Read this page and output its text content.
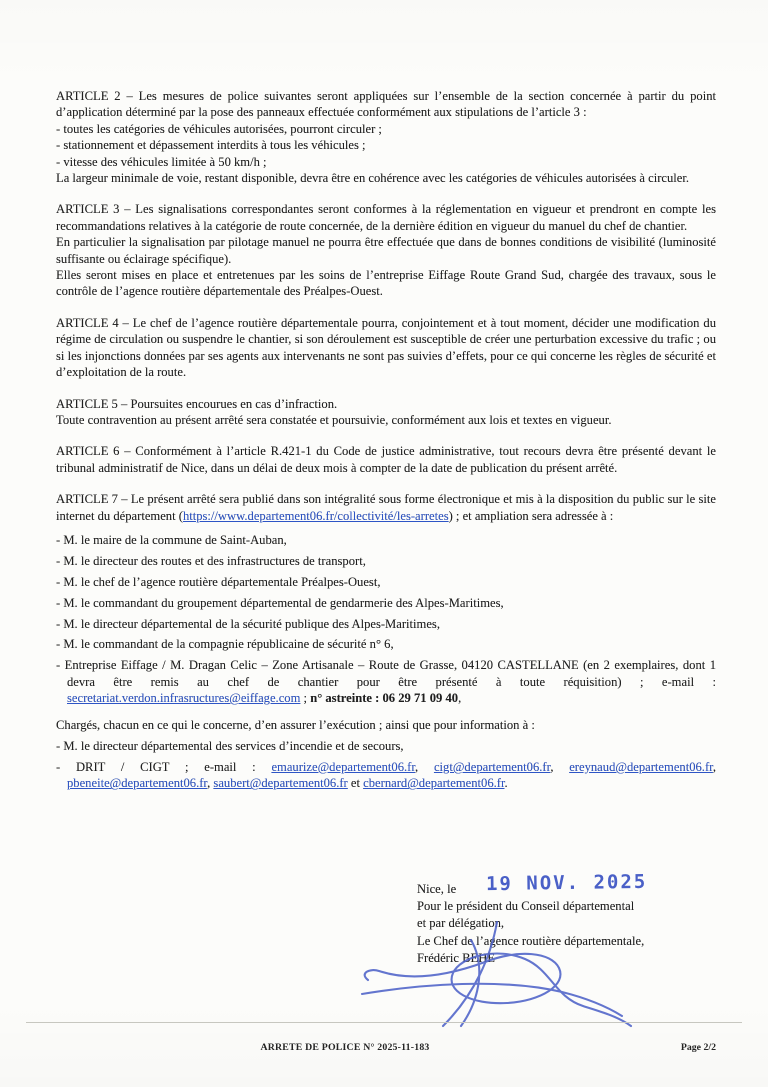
ARTICLE 2 – Les mesures de police suivantes seront appliquées sur l’ensemble de la section concernée à partir du point d’application déterminé par la pose des panneaux effectuée conformément aux stipulations de l’article 3 :

- toutes les catégories de véhicules autorisées, pourront circuler ;

- stationnement et dépassement interdits à tous les véhicules ;

- vitesse des véhicules limitée à 50 km/h ;

La largeur minimale de voie, restant disponible, devra être en cohérence avec les catégories de véhicules autorisées à circuler.

ARTICLE 3 – Les signalisations correspondantes seront conformes à la réglementation en vigueur et prendront en compte les recommandations relatives à la catégorie de route concernée, de la dernière édition en vigueur du manuel du chef de chantier.

En particulier la signalisation par pilotage manuel ne pourra être effectuée que dans de bonnes conditions de visibilité (luminosité suffisante ou éclairage spécifique).

Elles seront mises en place et entretenues par les soins de l’entreprise Eiffage Route Grand Sud, chargée des travaux, sous le contrôle de l’agence routière départementale des Préalpes-Ouest.

ARTICLE 4 – Le chef de l’agence routière départementale pourra, conjointement et à tout moment, décider une modification du régime de circulation ou suspendre le chantier, si son déroulement est susceptible de créer une perturbation excessive du trafic ; ou si les injonctions données par ses agents aux intervenants ne sont pas suivies d’effets, pour ce qui concerne les règles de sécurité et d’exploitation de la route.

ARTICLE 5 – Poursuites encourues en cas d’infraction.

Toute contravention au présent arrêté sera constatée et poursuivie, conformément aux lois et textes en vigueur.

ARTICLE 6 – Conformément à l’article R.421-1 du Code de justice administrative, tout recours devra être présenté devant le tribunal administratif de Nice, dans un délai de deux mois à compter de la date de publication du présent arrêté.

ARTICLE 7 – Le présent arrêté sera publié dans son intégralité sous forme électronique et mis à la disposition du public sur le site internet du département (https://www.departement06.fr/collectivité/les-arretes) ; et ampliation sera adressée à :

- M. le maire de la commune de Saint-Auban,
- M. le directeur des routes et des infrastructures de transport,
- M. le chef de l’agence routière départementale Préalpes-Ouest,
- M. le commandant du groupement départemental de gendarmerie des Alpes-Maritimes,
- M. le directeur départemental de la sécurité publique des Alpes-Maritimes,
- M. le commandant de la compagnie républicaine de sécurité n° 6,
- Entreprise Eiffage / M. Dragan Celic – Zone Artisanale – Route de Grasse, 04120 CASTELLANE (en 2 exemplaires, dont 1 devra être remis au chef de chantier pour être présenté à toute réquisition) ; e-mail : secretariat.verdon.infrasructures@eiffage.com ; n° astreinte : 06 29 71 09 40,

Chargés, chacun en ce qui le concerne, d’en assurer l’exécution ; ainsi que pour information à :

- M. le directeur départemental des services d’incendie et de secours,
- DRIT / CIGT ; e-mail : emaurize@departement06.fr, cigt@departement06.fr, ereynaud@departement06.fr, pbeneite@departement06.fr, saubert@departement06.fr et cbernard@departement06.fr.

Nice, le 19 NOV. 2025

Pour le président du Conseil départemental

et par délégation,

Le Chef de l’agence routière départementale,

Frédéric BEHE

ARRETE DE POLICE N° 2025-11-183	Page 2/2
